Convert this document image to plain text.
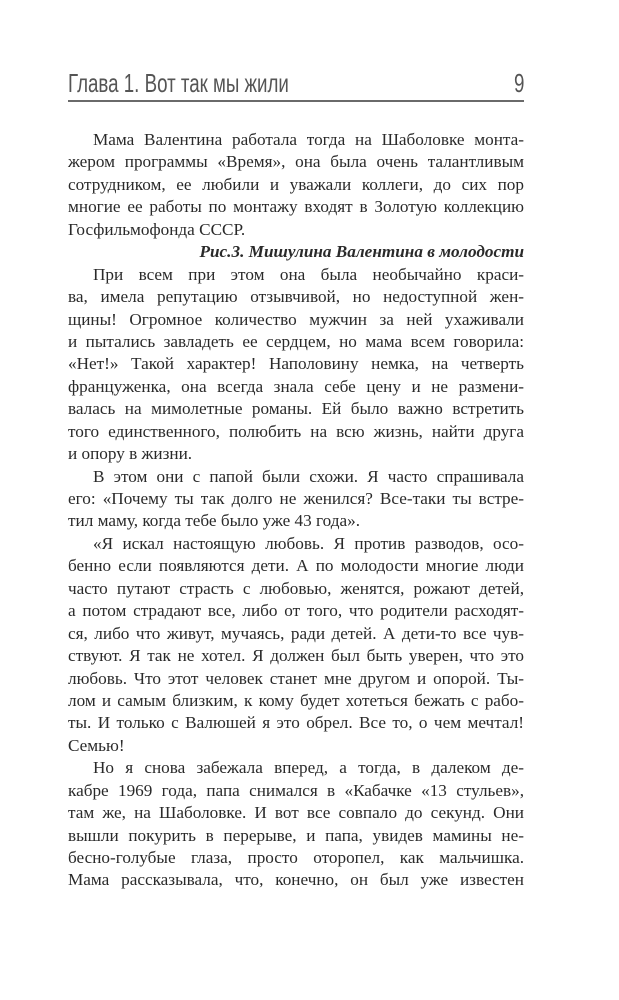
Глава 1. Вот так мы жили	9
Мама Валентина работала тогда на Шаболовке монта-
жером программы «Время», она была очень талантливым
сотрудником, ее любили и уважали коллеги, до сих пор
многие ее работы по монтажу входят в Золотую коллекцию
Госфильмофонда СССР.
Рис.3. Мишулина Валентина в молодости
При всем при этом она была необычайно краси-
ва, имела репутацию отзывчивой, но недоступной жен-
щины! Огромное количество мужчин за ней ухаживали
и пытались завладеть ее сердцем, но мама всем говорила:
«Нет!» Такой характер! Наполовину немка, на четверть
француженка, она всегда знала себе цену и не размени-
валась на мимолетные романы. Ей было важно встретить
того единственного, полюбить на всю жизнь, найти друга
и опору в жизни.
В этом они с папой были схожи. Я часто спрашивала
его: «Почему ты так долго не женился? Все-таки ты встре-
тил маму, когда тебе было уже 43 года».
«Я искал настоящую любовь. Я против разводов, осо-
бенно если появляются дети. А по молодости многие люди
часто путают страсть с любовью, женятся, рожают детей,
а потом страдают все, либо от того, что родители расходят-
ся, либо что живут, мучаясь, ради детей. А дети-то все чув-
ствуют. Я так не хотел. Я должен был быть уверен, что это
любовь. Что этот человек станет мне другом и опорой. Ты-
лом и самым близким, к кому будет хотеться бежать с рабо-
ты. И только с Валюшей я это обрел. Все то, о чем мечтал!
Семью!
Но я снова забежала вперед, а тогда, в далеком де-
кабре 1969 года, папа снимался в «Кабачке «13 стульев»,
там же, на Шаболовке. И вот все совпало до секунд. Они
вышли покурить в перерыве, и папа, увидев мамины не-
бесно-голубые глаза, просто оторопел, как мальчишка.
Мама рассказывала, что, конечно, он был уже известен
